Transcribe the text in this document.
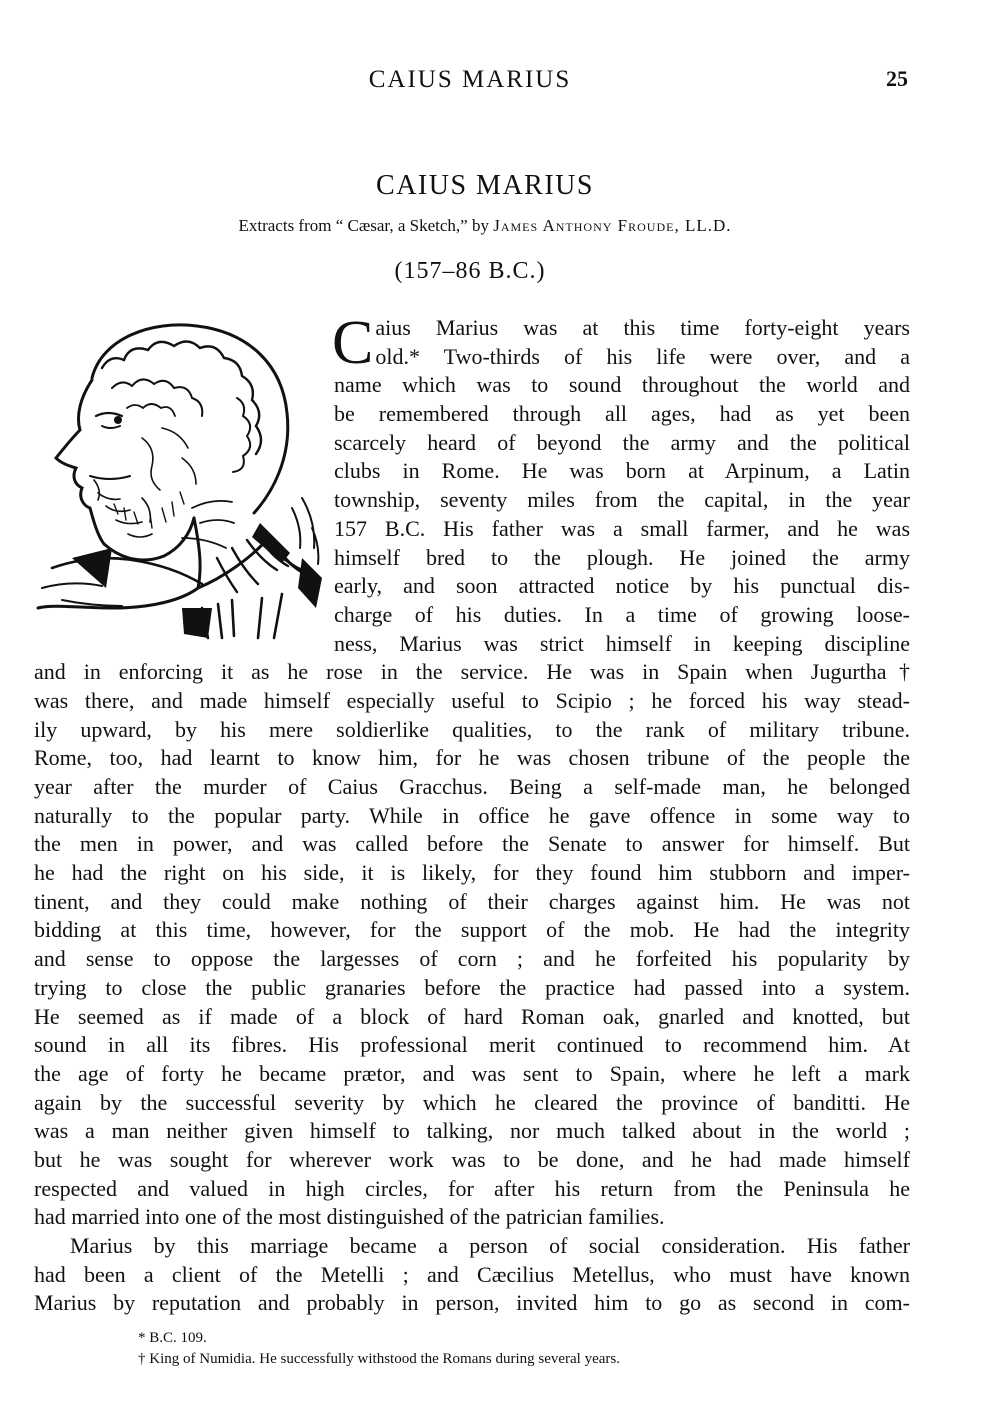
CAIUS MARIUS	25
CAIUS MARIUS
Extracts from “ Cæsar, a Sketch,” by James Anthony Froude, LL.D.
(157–86 B.C.)
C aius Marius was at this time forty-eight years
old.* Two-thirds of his life were over, and a
name which was to sound throughout the world and
be remembered through all ages, had as yet been
scarcely heard of beyond the army and the political
clubs in Rome. He was born at Arpinum, a Latin
township, seventy miles from the capital, in the year
157 B.C. His father was a small farmer, and he was
himself bred to the plough. He joined the army
early, and soon attracted notice by his punctual dis-
charge of his duties. In a time of growing loose-
ness, Marius was strict himself in keeping discipline
and in enforcing it as he rose in the service. He was in Spain when Jugurtha†
was there, and made himself especially useful to Scipio ; he forced his way stead-
ily upward, by his mere soldierlike qualities, to the rank of military tribune.
Rome, too, had learnt to know him, for he was chosen tribune of the people the
year after the murder of Caius Gracchus. Being a self-made man, he belonged
naturally to the popular party. While in office he gave offence in some way to
the men in power, and was called before the Senate to answer for himself. But
he had the right on his side, it is likely, for they found him stubborn and imper-
tinent, and they could make nothing of their charges against him. He was not
bidding at this time, however, for the support of the mob. He had the integrity
and sense to oppose the largesses of corn ; and he forfeited his popularity by
trying to close the public granaries before the practice had passed into a system.
He seemed as if made of a block of hard Roman oak, gnarled and knotted, but
sound in all its fibres. His professional merit continued to recommend him. At
the age of forty he became prætor, and was sent to Spain, where he left a mark
again by the successful severity by which he cleared the province of banditti. He
was a man neither given himself to talking, nor much talked about in the world ;
but he was sought for wherever work was to be done, and he had made himself
respected and valued in high circles, for after his return from the Peninsula he
had married into one of the most distinguished of the patrician families.
Marius by this marriage became a person of social consideration. His father
had been a client of the Metelli ; and Cæcilius Metellus, who must have known
Marius by reputation and probably in person, invited him to go as second in com-
* B.C. 109.
† King of Numidia. He successfully withstood the Romans during several years.
